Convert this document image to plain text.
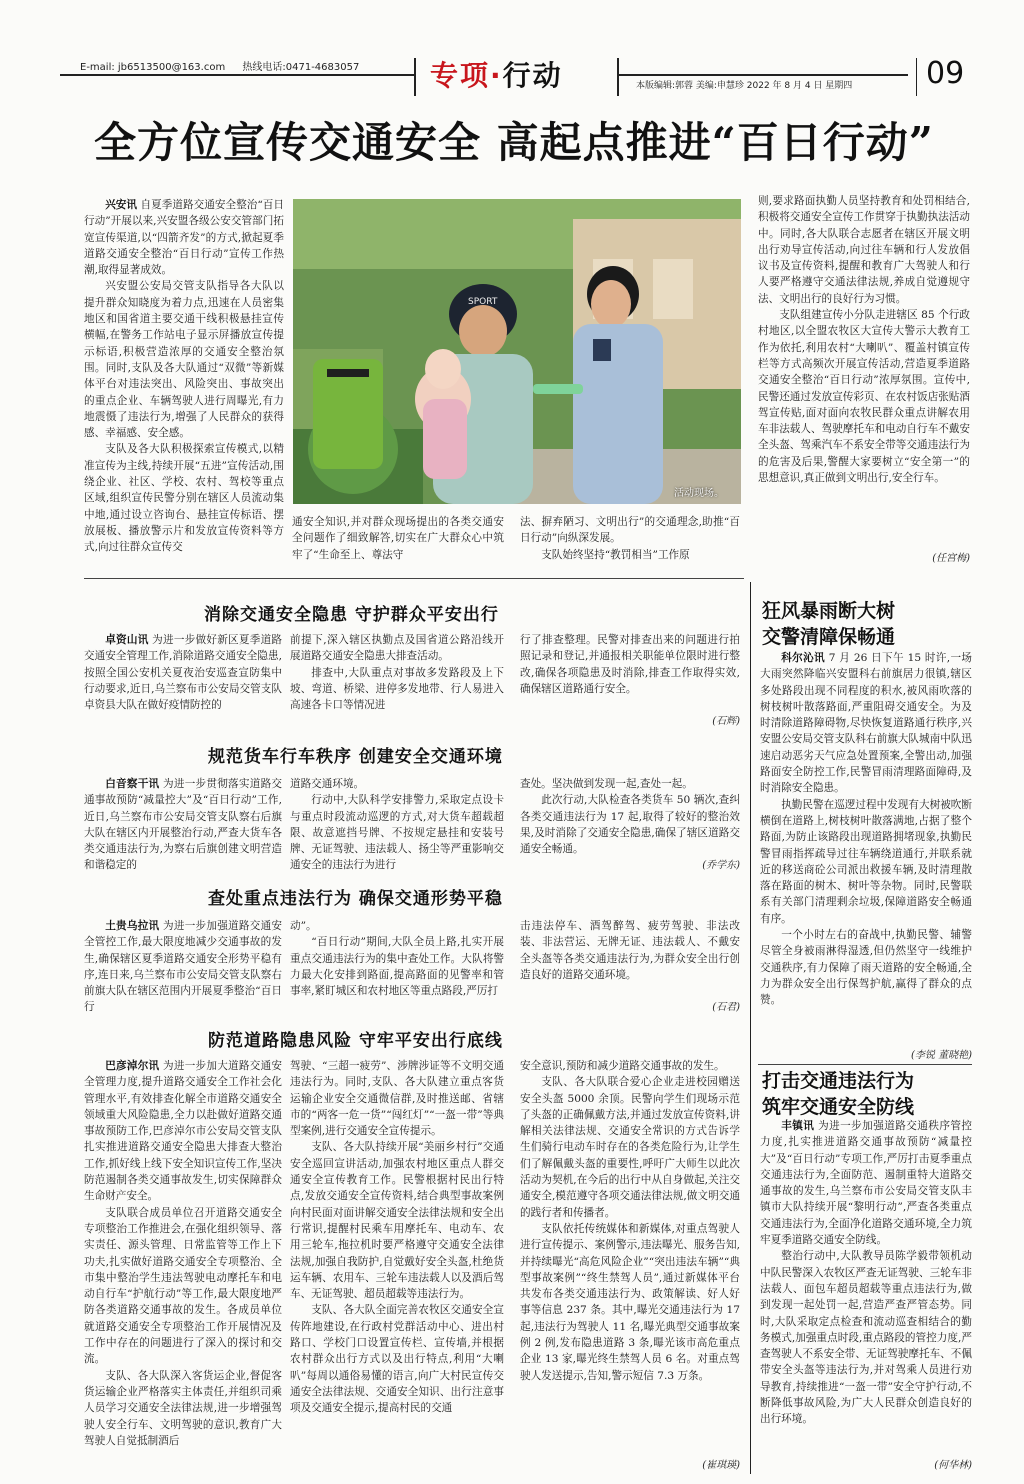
E-mail: jb6513500@163.com 热线电话:0471-4683057	专项·行动	本版编辑:郭蓉 美编:申慧珍 2022 年 8 月 4 日 星期四 09
全方位宣传交通安全 高起点推进“百日行动”

兴安讯 自夏季道路交通安全整治“百日行动”开展以来,兴安盟各级公安交管部门拓宽宣传渠道,以“四箭齐发”的方式,掀起夏季道路交通安全整治“百日行动”宣传工作热潮,取得显著成效。

兴安盟公安局交管支队指导各大队以提升群众知晓度为着力点,迅速在人员密集地区和国省道主要交通干线积极悬挂宣传横幅,在警务工作站电子显示屏播放宣传提示标语,积极营造浓厚的交通安全整治氛围。同时,支队及各大队通过“双微”等新媒体平台对违法突出、风险突出、事故突出的重点企业、车辆驾驶人进行周曝光,有力地震慑了违法行为,增强了人民群众的获得感、幸福感、安全感。

支队及各大队积极探索宣传模式,以精准宣传为主线,持续开展“五进”宣传活动,围绕企业、社区、学校、农村、驾校等重点区域,组织宣传民警分别在辖区人员流动集中地,通过设立咨询台、悬挂宣传标语、摆放展板、播放警示片和发放宣传资料等方式,向过往群众宣传交

SPORT
活动现场。

通安全知识,并对群众现场提出的各类交通安全问题作了细致解答,切实在广大群众心中筑牢了“生命至上、尊法守

法、摒弃陋习、文明出行”的交通理念,助推“百日行动”向纵深发展。

支队始终坚持“教罚相当”工作原

则,要求路面执勤人员坚持教育和处罚相结合,积极将交通安全宣传工作贯穿于执勤执法活动中。同时,各大队联合志愿者在辖区开展文明出行劝导宣传活动,向过往车辆和行人发放倡议书及宣传资料,提醒和教育广大驾驶人和行人要严格遵守交通法律法规,养成自觉遵规守法、文明出行的良好行为习惯。

支队组建宣传小分队走进辖区 85 个行政村地区,以全盟农牧区大宣传大警示大教育工作为依托,利用农村“大喇叭”、覆盖村镇宣传栏等方式高频次开展宣传活动,营造夏季道路交通安全整治“百日行动”浓厚氛围。宣传中,民警还通过发放宣传彩页、在农村饭店张贴酒驾宣传贴,面对面向农牧民群众重点讲解农用车非法载人、驾驶摩托车和电动自行车不戴安全头盔、驾乘汽车不系安全带等交通违法行为的危害及后果,警醒大家要树立“安全第一”的思想意识,真正做到文明出行,安全行车。

(任宫梅)
消除交通安全隐患 守护群众平安出行

卓资山讯 为进一步做好新区夏季道路交通安全管理工作,消除道路交通安全隐患,按照全国公安机关夏夜治安巡查宣防集中行动要求,近日,乌兰察布市公安局交管支队卓资县大队在做好疫情防控的

前提下,深入辖区执勤点及国省道公路沿线开展道路交通安全隐患大排查活动。

排查中,大队重点对事故多发路段及上下坡、弯道、桥梁、进停多发地带、行人易进入高速各卡口等情况进

行了排查整理。民警对排查出来的问题进行拍照记录和登记,并通报相关职能单位限时进行整改,确保各项隐患及时消除,排查工作取得实效,确保辖区道路通行安全。

(石辉)
规范货车行车秩序 创建安全交通环境

白音察干讯 为进一步贯彻落实道路交通事故预防“减量控大”及“百日行动”工作,近日,乌兰察布市公安局交管支队察右后旗大队在辖区内开展整治行动,严查大货车各类交通违法行为,为察右后旗创建文明营造和谐稳定的

道路交通环境。

行动中,大队科学安排警力,采取定点设卡与重点时段流动巡逻的方式,对大货车超载超限、故意遮挡号牌、不按规定悬挂和安装号牌、无证驾驶、违法载人、扬尘等严重影响交通安全的违法行为进行

查处。坚决做到发现一起,查处一起。

此次行动,大队检查各类货车 50 辆次,查纠各类交通违法行为 17 起,取得了较好的整治效果,及时消除了交通安全隐患,确保了辖区道路交通安全畅通。

(乔学东)
查处重点违法行为 确保交通形势平稳

土贵乌拉讯 为进一步加强道路交通安全管控工作,最大限度地减少交通事故的发生,确保辖区夏季道路交通安全形势平稳有序,连日来,乌兰察布市公安局交管支队察右前旗大队在辖区范围内开展夏季整治“百日行

动”。

“百日行动”期间,大队全员上路,扎实开展重点交通违法行为的集中查处工作。大队将警力最大化安排到路面,提高路面的见警率和管事率,紧盯城区和农村地区等重点路段,严厉打

击违法停车、酒驾醉驾、疲劳驾驶、非法改装、非法营运、无牌无证、违法载人、不戴安全头盔等各类交通违法行为,为群众安全出行创造良好的道路交通环境。

(石君)
防范道路隐患风险 守牢平安出行底线

巴彦淖尔讯 为进一步加大道路交通安全管理力度,提升道路交通安全工作社会化管理水平,有效排查化解全市道路交通安全领域重大风险隐患,全力以赴做好道路交通事故预防工作,巴彦淖尔市公安局交管支队扎实推进道路交通安全隐患大排查大整治工作,抓好线上线下安全知识宣传工作,坚决防范遏制各类交通事故发生,切实保障群众生命财产安全。

支队联合成员单位召开道路交通安全专项整治工作推进会,在强化组织领导、落实责任、源头管理、日常监管等工作上下功夫,扎实做好道路交通安全专项整治、全市集中整治学生违法驾驶电动摩托车和电动自行车“护航行动”等工作,最大限度地严防各类道路交通事故的发生。各成员单位就道路交通安全专项整治工作开展情况及工作中存在的问题进行了深入的探讨和交流。

支队、各大队深入客货运企业,督促客货运输企业严格落实主体责任,并组织司乘人员学习交通安全法律法规,进一步增强驾驶人安全行车、文明驾驶的意识,教育广大驾驶人自觉抵制酒后

驾驶、“三超一疲劳”、涉牌涉证等不文明交通违法行为。同时,支队、各大队建立重点客货运输企业安全交通微信群,及时推送邮、省辖市的“两客一危一货”“闯红灯”“一盔一带”等典型案例,进行交通安全宣传提示。

支队、各大队持续开展“美丽乡村行”交通安全巡回宣讲活动,加强农村地区重点人群交通安全宣传教育工作。民警根据村民出行特点,发放交通安全宣传资料,结合典型事故案例向村民面对面讲解交通安全法律法规和安全出行常识,提醒村民乘车用摩托车、电动车、农用三轮车,拖拉机时要严格遵守交通安全法律法规,加强自我防护,自觉戴好安全头盔,杜绝货运车辆、农用车、三轮车违法载人以及酒后驾车、无证驾驶、超员超载等违法行为。

支队、各大队全面完善农牧区交通安全宣传阵地建设,在行政村党群活动中心、进出村路口、学校门口设置宣传栏、宣传墙,并根据农村群众出行方式以及出行特点,利用“大喇叭”每周以通俗易懂的语言,向广大村民宣传交通安全法律法规、交通安全知识、出行注意事项及交通安全提示,提高村民的交通

安全意识,预防和减少道路交通事故的发生。

支队、各大队联合爱心企业走进校园赠送安全头盔 5000 余顶。民警向学生们现场示范了头盔的正确佩戴方法,并通过发放宣传资料,讲解相关法律法规、交通安全常识的方式告诉学生们骑行电动车时存在的各类危险行为,让学生们了解佩戴头盔的重要性,呼吁广大师生以此次活动为契机,在今后的出行中从自身做起,关注交通安全,模范遵守各项交通法律法规,做文明交通的践行者和传播者。

支队依托传统媒体和新媒体,对重点驾驶人进行宣传提示、案例警示,违法曝光、服务告知,并持续曝光“高危风险企业”“突出违法车辆”“典型事故案例”“终生禁驾人员”,通过新媒体平台共发布各类交通违法行为、政策解读、好人好事等信息 237 条。其中,曝光交通违法行为 17 起,违法行为驾驶人 11 名,曝光典型交通事故案例 2 例,发布隐患道路 3 条,曝光该市高危重点企业 13 家,曝光终生禁驾人员 6 名。对重点驾驶人发送提示,告知,警示短信 7.3 万条。

(崔琪瑛)
狂风暴雨断大树
交警清障保畅通

科尔沁讯 7 月 26 日下午 15 时许,一场大雨突然降临兴安盟科右前旗居力很镇,辖区多处路段出现不同程度的积水,被风雨吹落的树枝树叶散落路面,严重阻碍交通安全。为及时清除道路障碍物,尽快恢复道路通行秩序,兴安盟公安局交管支队科右前旗大队城南中队迅速启动恶劣天气应急处置预案,全警出动,加强路面安全防控工作,民警冒雨清理路面障碍,及时消除安全隐患。

执勤民警在巡逻过程中发现有大树被吹断横倒在道路上,树枝树叶散落满地,占据了整个路面,为防止该路段出现道路拥堵现象,执勤民警冒雨指挥疏导过往车辆绕道通行,并联系就近的移送商砼公司派出救援车辆,及时清理散落在路面的树木、树叶等杂物。同时,民警联系有关部门清理剩余垃圾,保障道路安全畅通有序。

一个小时左右的奋战中,执勤民警、辅警尽管全身被雨淋得湿透,但仍然坚守一线维护交通秩序,有力保障了雨天道路的安全畅通,全力为群众安全出行保驾护航,赢得了群众的点赞。

(李锐 董晓艳)
打击交通违法行为
筑牢交通安全防线

丰镇讯 为进一步加强道路交通秩序管控力度,扎实推进道路交通事故预防“减量控大”及“百日行动”专项工作,严厉打击夏季重点交通违法行为,全面防范、遏制重特大道路交通事故的发生,乌兰察布市公安局交管支队丰镇市大队持续开展“黎明行动”,严查各类重点交通违法行为,全面净化道路交通环境,全力筑牢夏季道路交通安全防线。

整治行动中,大队教导员陈学毅带领机动中队民警深入农牧区严查无证驾驶、三轮车非法载人、面包车超员超载等重点违法行为,做到发现一起处罚一起,营造严查严管态势。同时,大队采取定点检查和流动巡查相结合的勤务模式,加强重点时段,重点路段的管控力度,严查驾驶人不系安全带、无证驾驶摩托车、不佩带安全头盔等违法行为,并对驾乘人员进行劝导教育,持续推进“一盔一带”安全守护行动,不断降低事故风险,为广大人民群众创造良好的出行环境。

(何华林)
